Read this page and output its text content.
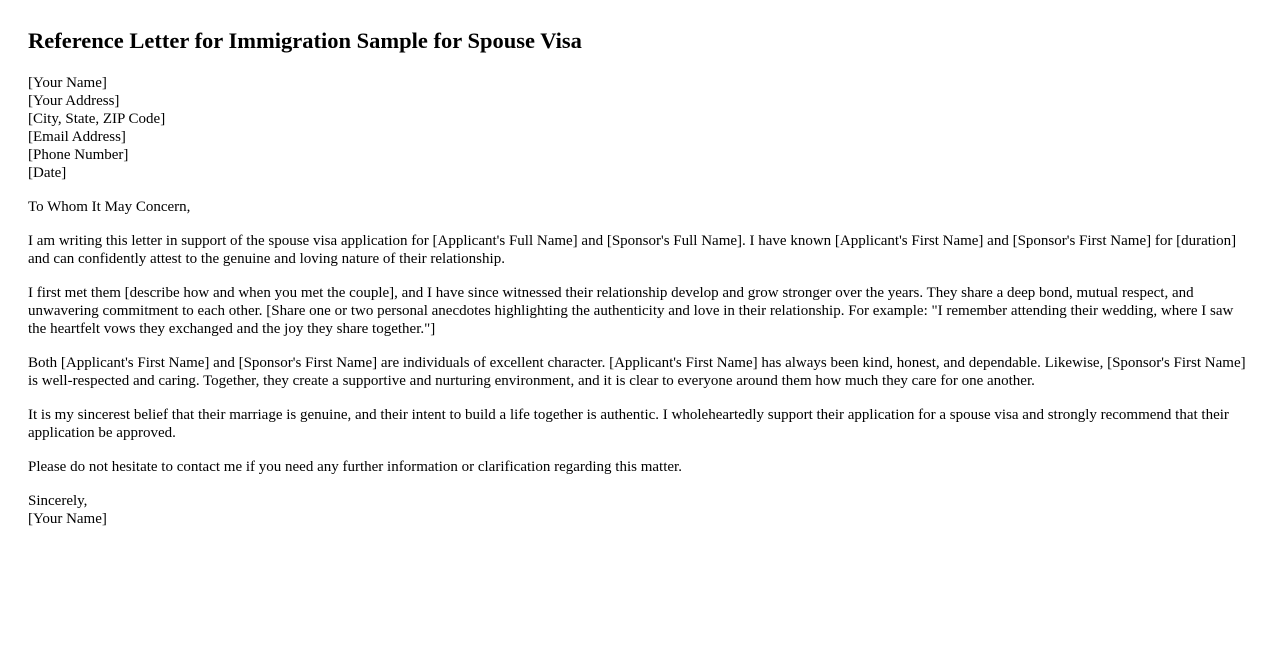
Reference Letter for Immigration Sample for Spouse Visa
[Your Name]
[Your Address]
[City, State, ZIP Code]
[Email Address]
[Phone Number]
[Date]

To Whom It May Concern,

I am writing this letter in support of the spouse visa application for [Applicant's Full Name] and [Sponsor's Full Name]. I have known [Applicant's First Name] and [Sponsor's First Name] for [duration] and can confidently attest to the genuine and loving nature of their relationship.

I first met them [describe how and when you met the couple], and I have since witnessed their relationship develop and grow stronger over the years. They share a deep bond, mutual respect, and unwavering commitment to each other. [Share one or two personal anecdotes highlighting the authenticity and love in their relationship. For example: "I remember attending their wedding, where I saw the heartfelt vows they exchanged and the joy they share together."]

Both [Applicant's First Name] and [Sponsor's First Name] are individuals of excellent character. [Applicant's First Name] has always been kind, honest, and dependable. Likewise, [Sponsor's First Name] is well-respected and caring. Together, they create a supportive and nurturing environment, and it is clear to everyone around them how much they care for one another.

It is my sincerest belief that their marriage is genuine, and their intent to build a life together is authentic. I wholeheartedly support their application for a spouse visa and strongly recommend that their application be approved.

Please do not hesitate to contact me if you need any further information or clarification regarding this matter.

Sincerely,
[Your Name]
